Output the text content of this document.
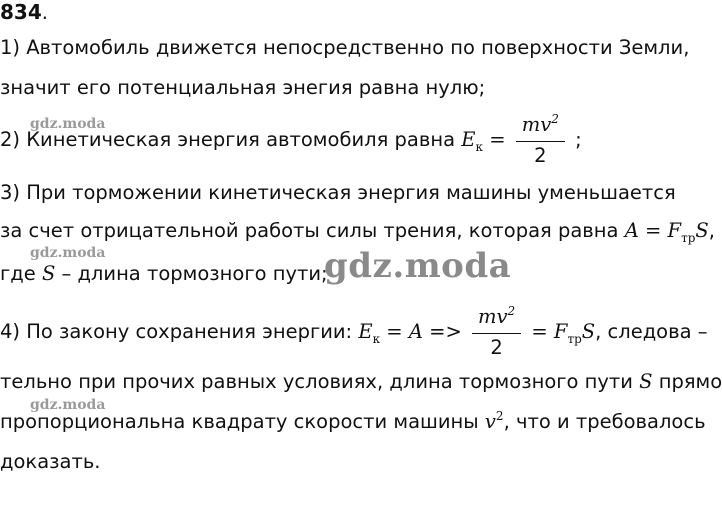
gdz.moda
gdz.moda
gdz.moda
gdz.moda
834.
1) Автомобиль движется непосредственно по поверхности Земли,
значит его потенциальная энегия равна нулю;
2) Кинетическая энергия автомобиля равна $E_к = \frac{mv^2}{2}$ ;
3) При торможении кинетическая энергия машины уменьшается
за счет отрицательной работы силы трения, которая равна $A = F_{тр}S$,
где S – длина тормозного пути;
4) По закону сохранения энергии: $E_к = A => \frac{mv^2}{2} = F_{тр}S$, следова –
тельно при прочих равных условиях, длина тормозного пути S прямо
пропорциональна квадрату скорости машины $v^2$, что и требовалось
доказать.
